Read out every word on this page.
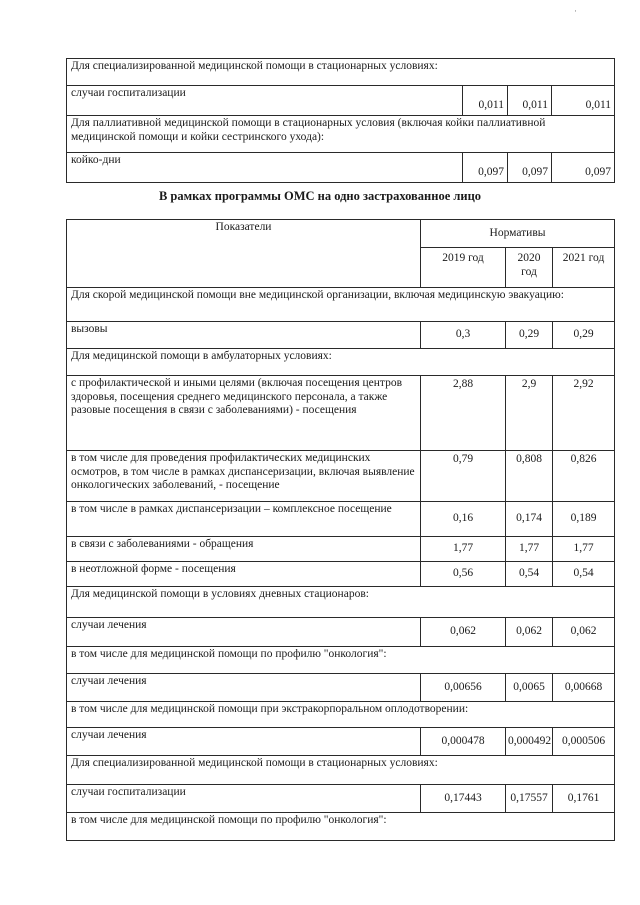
·
Для специализированной медицинской помощи в стационарных условиях:			
случаи госпитализации	0,011	0,011	0,011
Для паллиативной медицинской помощи в стационарных условия (включая койки паллиативной медицинской помощи и койки сестринского ухода):			
койко-дни	0,097	0,097	0,097
В рамках программы ОМС на одно застрахованное лицо
Показатели	Нормативы		
	2019 год	2020 год	2021 год
Для скорой медицинской помощи вне медицинской организации, включая медицинскую эвакуацию:			
вызовы	0,3	0,29	0,29
Для медицинской помощи в амбулаторных условиях:			
с профилактической и иными целями (включая посещения центров здоровья, посещения среднего медицинского персонала, а также разовые посещения в связи с заболеваниями) - посещения	2,88	2,9	2,92
в том числе для проведения профилактических медицинских осмотров, в том числе в рамках диспансеризации, включая выявление онкологических заболеваний, - посещение	0,79	0,808	0,826
в том числе в рамках диспансеризации – комплексное посещение	0,16	0,174	0,189
в связи с заболеваниями - обращения	1,77	1,77	1,77
в неотложной форме - посещения	0,56	0,54	0,54
Для медицинской помощи в условиях дневных стационаров:			
случаи лечения	0,062	0,062	0,062
в том числе для медицинской помощи по профилю "онкология":			
случаи лечения	0,00656	0,0065	0,00668
в том числе для медицинской помощи при экстракорпоральном оплодотворении:			
случаи лечения	0,000478	0,000492	0,000506
Для специализированной медицинской помощи в стационарных условиях:			
случаи госпитализации	0,17443	0,17557	0,1761
в том числе для медицинской помощи по профилю "онкология":			
